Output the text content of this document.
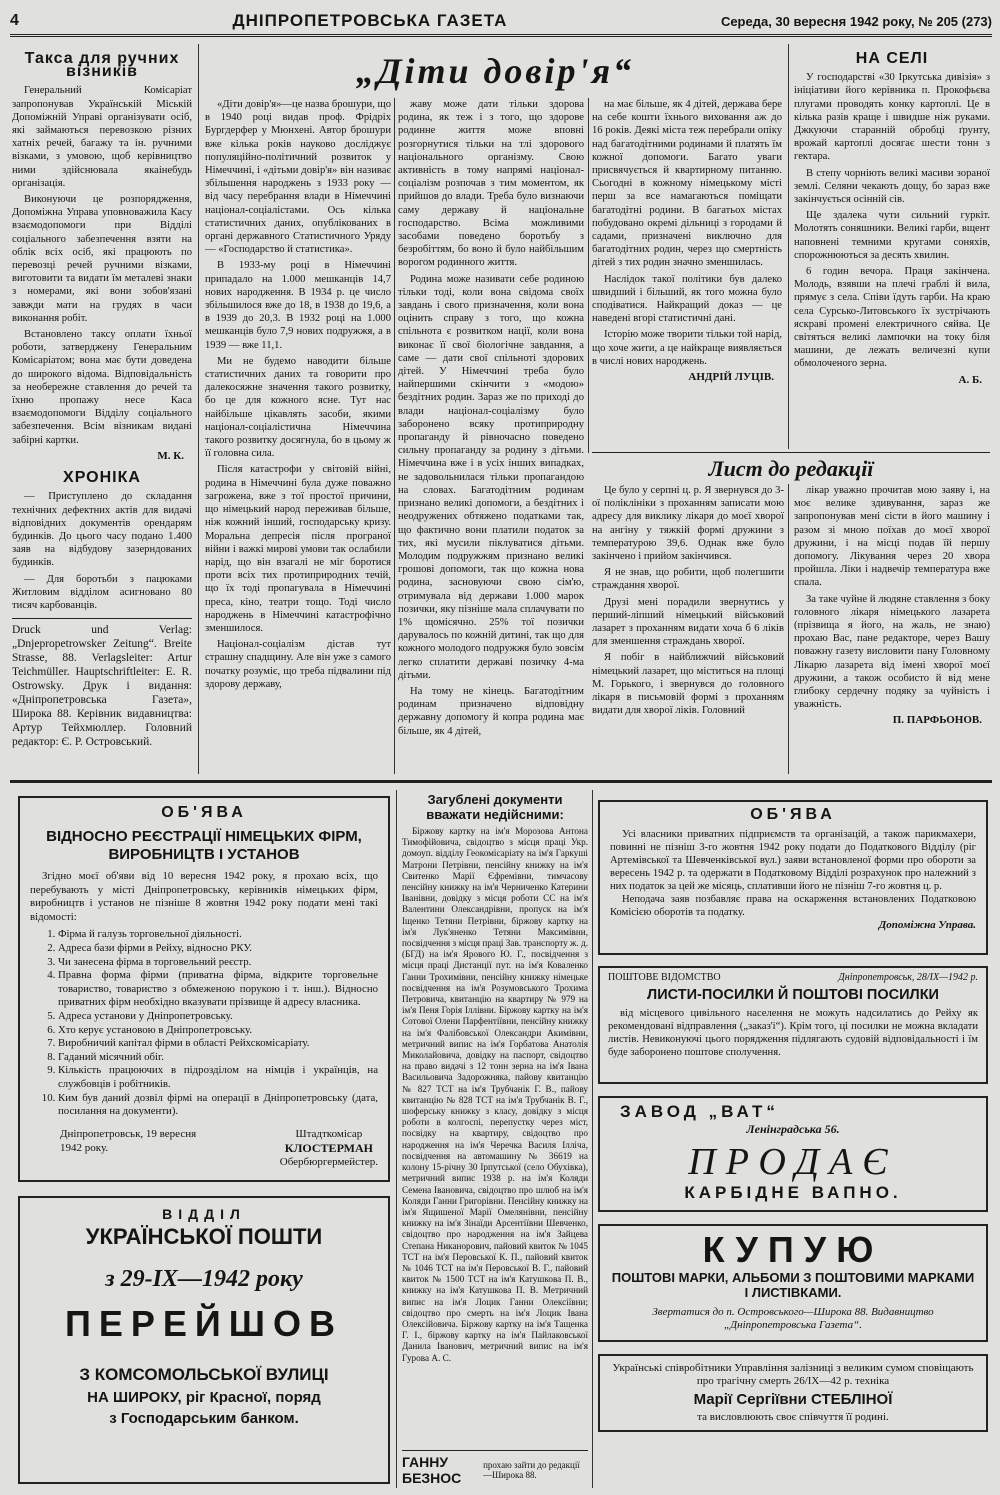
4	ДНІПРОПЕТРОВСЬКА ГАЗЕТА	Середа, 30 вересня 1942 року, № 205 (273)
Такса для ручних візників

Генеральний Комісаріат запропонував Українській Міській Допоміжній Управі організувати осіб, які займаються перевозкою різних хатніх речей, багажу та ін. ручними візками, з умовою, щоб керівництво ними здійснювала якаінебудь організація.

Виконуючи це розпорядження, Допоміжна Управа уповноважила Касу взаємодопомоги при Відділі соціального забезпечення взяти на облік всіх осіб, які працюють по перевозці речей ручними візками, виготовити та видати їм металеві знаки з номерами, які вони зобов'язані завжди мати на грудях в часи виконання робіт.

Встановлено таксу оплати їхньої роботи, затверджену Генеральним Комісаріатом; вона має бути доведена до широкого відома. Відповідальність за необережне ставлення до речей та їхню пропажу несе Каса взаємодопомоги Відділу соціального забезпечення. Всім візникам видані забірні картки.

М. К.
ХРОНІКА

— Приступлено до складання технічних дефектних актів для видачі відповідних документів орендарям будинків. До цього часу подано 1.400 заяв на відбудову зазерндованих будинків.

— Для боротьби з пацюками Житловим відділом асигновано 80 тисяч карбованців.

Druck und Verlag: „Dnjepropetrowsker Zeitung“. Breite Strasse, 88. Verlagsleiter: Artur Teichmüller. Hauptschriftleiter: E. R. Ostrowsky. Друк і видання: «Дніпропетровська Газета», Широка 88. Керівник видавництва: Артур Тейхмюллер. Головний редактор: Є. Р. Островський.
„Діти довір'я“

«Діти довір'я»—це назва брошури, що в 1940 році видав проф. Фрідріх Бургдерфер у Мюнхені. Автор брошури вже кілька років науково досліджує популяційно-політичний розвиток у Німеччині, і «дітьми довір'я» він називає збільшення народжень з 1933 року — від часу перебрання влади в Німеччині націонал-соціалістами. Ось кілька статистичних даних, опублікованих в органі державного Статистичного Уряду — «Господарство й статистика».

В 1933-му році в Німеччині припадало на 1.000 мешканців 14,7 нових народження. В 1934 р. це число збільшилося вже до 18, в 1938 до 19,6, а в 1939 до 20,3. В 1932 році на 1.000 мешканців було 7,9 нових подружжя, а в 1939 — вже 11,1.

Ми не будемо наводити більше статистичних даних та говорити про далекосяжне значення такого розвитку, бо це для кожного ясне. Тут нас найбільше цікавлять засоби, якими націонал-соціалістична Німеччина такого розвитку досягнула, бо в цьому ж її головна сила.

Після катастрофи у світовій війні, родина в Німеччині була дуже поважно загрожена, вже з тої простої причини, що німецький народ переживав більше, ніж кожний інший, господарську кризу. Моральна депресія після програної війни і важкі мирові умови так ослабили нарід, що він взагалі не міг боротися проти всіх тих протиприродних течій, що їх тоді пропагувала в Німеччині преса, кіно, театри тощо. Тоді число народжень в Німеччині катастрофічно зменшилося.

Націонал-соціалізм дістав тут страшну спадщину. Але він уже з самого початку розуміє, що треба підвалини під здорову державу,

жаву може дати тільки здорова родина, як теж і з того, що здорове родинне життя може вповні розгорнутися тільки на тлі здорового національного організму. Свою активність в тому напрямі націонал-соціалізм розпочав з тим моментом, як прийшов до влади. Треба було визнаючи саму державу й національне господарство. Всіма можливими засобами поведено боротьбу з безробіттям, бо воно й було найбільшим ворогом родинного життя.

Родина може називати себе родиною тільки тоді, коли вона свідома своїх завдань і свого призначення, коли вона оцінить справу з того, що кожна спільнота є розвитком нації, коли вона виконає її свої біологічне завдання, а саме — дати свої спільноті здорових дітей. У Німеччині треба було найпершими скінчити з «модою» бездітних родин. Зараз же по приході до влади націонал-соціалізму було заборонено всяку протиприродну пропаганду й рівночасно поведено сильну пропаганду за родину з дітьми. Німеччина вже і в усіх інших випадках, не задовольнилася тільки пропагандою на словах. Багатодітним родинам признано великі допомоги, а бездітних і неодружених обтяжено податками так, що фактично вони платили податок за тих, які мусили піклуватися дітьми. Молодим подружжям признано великі грошові допомоги, так що кожна нова родина, засновуючи свою сім'ю, отримувала від держави 1.000 марок позички, яку пізніше мала сплачувати по 1% щомісячно. 25% тої позички дарувалось по кожній дитині, так що для кожного молодого подружжя було зовсім легко сплатити державі позичку 4-ма дітьми.

На тому не кінець. Багатодітним родинам призначено відповідну державну допомогу й копра родина має більше, як 4 дітей,

на має більше, як 4 дітей, держава бере на себе кошти їхнього виховання аж до 16 років. Деякі міста теж перебрали опіку над багатодітними родинами й платять їм кожної допомоги. Багато уваги присвячується й квартирному питанню. Сьогодні в кожному німецькому місті перш за все намагаються поміщати багатодітні родини. В багатьох містах побудовано окремі дільниці з городами й садами, призначені виключно для багатодітних родин, через що смертність дітей з тих родин значно зменшилась.

Наслідок такої політики був далеко швидший і більший, як того можна було сподіватися. Найкращий доказ — це наведені вгорі статистичні дані.

Історію може творити тільки той нарід, що хоче жити, а це найкраще виявляється в числі нових народжень.

АНДРІЙ ЛУЦІВ.
НА СЕЛІ

У господарстві «30 Іркутська дивізія» з ініціативи його керівника п. Прокофьєва плугами проводять конку картоплі. Це в кілька разів краще і швидше ніж руками. Джкуючи старанній обробці ґрунту, врожай картоплі досягає шести тонн з гектара.

В степу чорніють великі масиви зораної землі. Селяни чекають дощу, бо зараз вже закінчується осінній сів.

Ще здалека чути сильний гуркіт. Молотять соняшники. Великі гарби, вщент наповнені темними кругами соняхів, спорожнюються за десять хвилин.

6 годин вечора. Праця закінчена. Молодь, взявши на плечі граблі й вила, прямує з села. Співи їдуть гарби. На краю села Сурсько-Литовського їх зустрічають яскраві промені електричного сяйва. Це світяться великі лампочки на току біля машини, де лежать величезні купи обмолоченого зерна.

А. Б.
Лист до редакції

Це було у серпні ц. р. Я звернувся до 3-ої поліклініки з проханням записати мою адресу для виклику лікаря до моєї хворої на ангіну у тяжкій формі дружини з температурою 39,6. Однак вже було закінчено і прийом закінчився.

Я не знав, що робити, щоб полегшити страждання хворої.

Друзі мені порадили звернутись у перший-ліпший німецький військовий лазарет з проханням видати хоча б 6 ліків для зменшення страждань хворої.

Я побіг в найближчий військовий німецький лазарет, що міститься на площі М. Горького, і звернувся до головного лікаря в письмовій формі з проханням видати для хворої ліків. Головний

лікар уважно прочитав мою заяву і, на моє велике здивування, зараз же запропонував мені сісти в його машину і разом зі мною поїхав до моєї хворої дружини, і на місці подав їй першу допомогу. Лікування через 20 хвора пройшла. Ліки і надвечір температура вже спала.

За таке чуйне й людяне ставлення з боку головного лікаря німецького лазарета (прізвища я його, на жаль, не знаю) прохаю Вас, пане редакторе, через Вашу поважну газету висловити пану Головному Лікарю лазарета від імені хворої моєї дружини, а також особисто й від мене глибоку сердечну подяку за чуйність і уважність.

П. ПАРФЬОНОВ.
ОБ'ЯВА
ВІДНОСНО РЕЄСТРАЦІЇ НІМЕЦЬКИХ ФІРМ, ВИРОБНИЦТВ І УСТАНОВ
Згідно моєї об'яви від 10 вересня 1942 року, я прохаю всіх, що перебувають у місті Дніпропетровську, керівників німецьких фірм, виробництв і установ не пізніше 8 жовтня 1942 року подати мені такі відомості:
1. Фірма й галузь торговельної діяльності.
2. Адреса бази фірми в Рейху, відносно РКУ.
3. Чи занесена фірма в торговельний реєстр.
4. Правна форма фірми (приватна фірма, відкрите торговельне товариство, товариство з обмеженою порукою і т. інш.). Відносно приватних фірм необхідно вказувати прізвище й адресу власника.
5. Адреса установи у Дніпропетровську.
6. Хто керує установою в Дніпропетровську.
7. Виробничий капітал фірми в області Рейхскомісаріату.
8. Гаданий місячний обіг.
9. Кількість працюючих в підрозділом на німців і українців, на службовців і робітників.
10. Ким був даний дозвіл фірмі на операції в Дніпропетровську (дата, посилання на документи).
Дніпропетровськ, 19 вересня 1942 року.
Штадткомісар
КЛОСТЕРМАН
Обербюргермейстер.
ВІДДІЛ
УКРАЇНСЬКОЇ ПОШТИ
з 29-ІХ—1942 року
ПЕРЕЙШОВ
З КОМСОМОЛЬСЬКОЇ ВУЛИЦІ
НА ШИРОКУ, ріг Красної, поряд
з Господарським банком.
Загублені документи вважати недійсними:
Біржову картку на ім'я Морозова Антона Тимофійовича, свідоцтво з місця праці Укр. домоуп. відділу Геокомісаріату на ім'я Гаркуші Матрони Петрівни, пенсійну книжку на ім'я Свитенко Марії Єфремівни, тимчасову пенсійну книжку на ім'я Черниченко Катерини Іванівни, довідку з місця роботи СС на ім'я Валентини Олександрівни, пропуск на ім'я Іщенко Тетяни Петрівни, біржову картку на ім'я Лук'яненко Тетяни Максимівни, посвідчення з місця праці Зав. транспорту ж. д. (БГД) на ім'я Ярового Ю. Г., посвідчення з місця праці Дистанції пут. на ім'я Коваленко Ганни Трохимівни, пенсійну книжку німецьке посвідчення на ім'я Розумовського Трохима Петровича, квитанцію на квартиру № 979 на ім'я Пеня Горія Іллівни. Біржову картку на ім'я Сотової Олени Парфентіївни, пенсійну книжку на ім'я Фалібовської Олександри Акимівни, метричний випис на ім'я Горбатова Анатолія Миколайовича, довідку на паспорт, свідоцтво на право видачі з 12 тонн зерна на ім'я Івана Васильовича Задорожняка, пайову квитанцію № 827 ТСТ на ім'я Трубчанік Г. В., пайову квитанцію № 828 ТСТ на ім'я Трубчанік В. Г., шоферську книжку з класу, довідку з місця роботи в колгоспі, перепустку через міст, посвідку на квартиру, свідоцтво про народження на ім'я Черечка Василя Ілліча, посвідчення на автомашину № 36619 на колону 15-річну 30 Ірпутської (село Обухівка), метричний випис 1938 р. на ім'я Коляди Семена Івановича, свідоцтво про шлюб на ім'я Коляди Ганни Григорівни. Пенсійну книжку на ім'я Ящишеної Марії Омелянівни, пенсійну книжку на ім'я Зінаїди Арсентіївни Шевченко, свідоцтво про народження на ім'я Зайцева Степана Никанорович, пайовий квиток № 1045 ТСТ на ім'я Перовської К. П., пайовий квиток № 1046 ТСТ на ім'я Перовської В. Г., пайовий квиток № 1500 ТСТ на ім'я Катушкова П. В., книжку на ім'я Катушкова П. В. Метричний випис на ім'я Лоцик Ганни Олексіївни; свідоцтво про смерть на ім'я Лоцик Івана Олексійовича. Біржову картку на ім'я Тащенка Г. І., біржову картку на ім'я Пайлаковської Данила Іванович, метричний випис на ім'я Гурова А. С.
ГАННУ БЕЗНОС
прохаю зайти до редакції —Широка 88.
ОБ'ЯВА
Усі власники приватних підприємств та організацій, а також парикмахери, повинні не пізніш 3-го жовтня 1942 року подати до Податкового Відділу (ріг Артемівської та Шевченківської вул.) заяви встановленої форми про обороти за вересень 1942 р. та одержати в Податковому Відділі розрахунок про належний з них податок за цей же місяць, сплативши його не пізніш 7-го жовтня ц. р.
Неподача заяв позбавляє права на оскарження встановлених Податковою Комісією оборотів та податку.
Допоміжна Управа.
ПОШТОВЕ ВІДОМСТВО	Дніпропетровськ, 28/ІХ—1942 р.
ЛИСТИ-ПОСИЛКИ Й ПОШТОВІ ПОСИЛКИ
від місцевого цивільного населення не можуть надсилатись до Рейху як рекомендовані відправлення („заказ'і“). Крім того, ці посилки не можна вкладати листів. Невиконуючі цього порядження підлягають судовій відповідальності і їм буде заборонено поштове сполучення.
ЗАВОД „ВАТ“
Ленінградська 56.
ПРОДАЄ
КАРБІДНЕ ВАПНО.
КУПУЮ
ПОШТОВІ МАРКИ, АЛЬБОМИ З ПОШТОВИМИ МАРКАМИ І ЛИСТІВКАМИ.
Звертатися до п. Островського—Широка 88. Видавництво „Дніпропетровська Газета“.
Українські співробітники Управління залізниці з великим сумом сповіщають про трагічну смерть 26/ІХ—42 р. техніка
Марії Сергіївни СТЕБЛІНОЇ
та висловлюють своє співчуття її родині.
